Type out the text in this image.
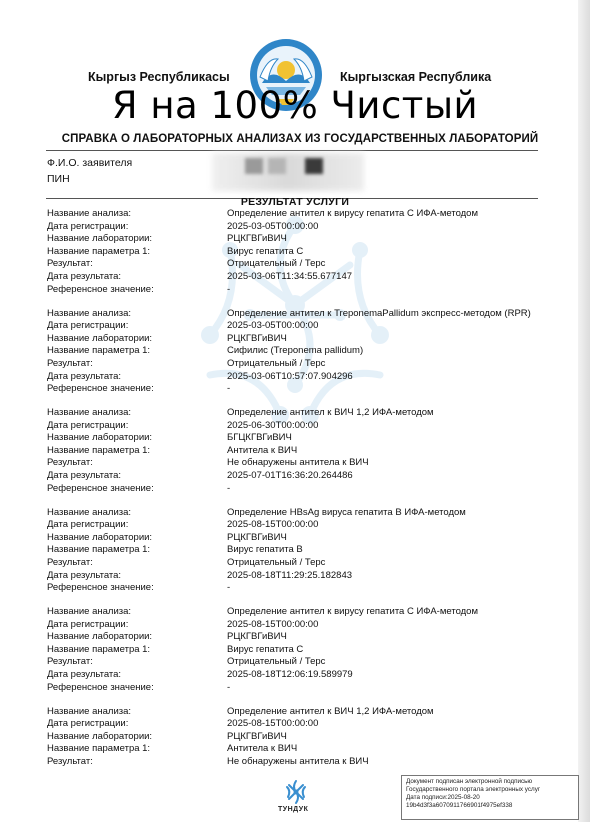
Кыргыз Республикасы	Кыргызская Республика
Я на 100% Чистый
СПРАВКА О ЛАБОРАТОРНЫХ АНАЛИЗАХ ИЗ ГОСУДАРСТВЕННЫХ ЛАБОРАТОРИЙ
Ф.И.О. заявителя
ПИН
РЕЗУЛЬТАТ УСЛУГИ
Название анализа:	Определение антител к вирусу гепатита С ИФА-методом
Дата регистрации:	2025-03-05T00:00:00
Название лаборатории:	РЦКГВГиВИЧ
Название параметра 1:	Вирус гепатита С
Результат:	Отрицательный / Терс
Дата результата:	2025-03-06T11:34:55.677147
Референсное значение:	-
Название анализа:	Определение антител к TreponemaPallidum экспресс-методом (RPR)
Дата регистрации:	2025-03-05T00:00:00
Название лаборатории:	РЦКГВГиВИЧ
Название параметра 1:	Сифилис (Treponema pallidum)
Результат:	Отрицательный / Терс
Дата результата:	2025-03-06T10:57:07.904296
Референсное значение:	-
Название анализа:	Определение антител к ВИЧ 1,2 ИФА-методом
Дата регистрации:	2025-06-30T00:00:00
Название лаборатории:	БГЦКГВГиВИЧ
Название параметра 1:	Антитела к ВИЧ
Результат:	Не обнаружены антитела к ВИЧ
Дата результата:	2025-07-01T16:36:20.264486
Референсное значение:	-
Название анализа:	Определение HBsAg вируса гепатита В ИФА-методом
Дата регистрации:	2025-08-15T00:00:00
Название лаборатории:	РЦКГВГиВИЧ
Название параметра 1:	Вирус гепатита В
Результат:	Отрицательный / Терс
Дата результата:	2025-08-18T11:29:25.182843
Референсное значение:	-
Название анализа:	Определение антител к вирусу гепатита С ИФА-методом
Дата регистрации:	2025-08-15T00:00:00
Название лаборатории:	РЦКГВГиВИЧ
Название параметра 1:	Вирус гепатита С
Результат:	Отрицательный / Терс
Дата результата:	2025-08-18T12:06:19.589979
Референсное значение:	-
Название анализа:	Определение антител к ВИЧ 1,2 ИФА-методом
Дата регистрации:	2025-08-15T00:00:00
Название лаборатории:	РЦКГВГиВИЧ
Название параметра 1:	Антитела к ВИЧ
Результат:	Не обнаружены антитела к ВИЧ
ТУНДУК
Документ подписан электронной подписью
Государственного портала электронных услуг
Дата подписи:2025-08-20
19b4d3f3a6070911766901f4975ef338
